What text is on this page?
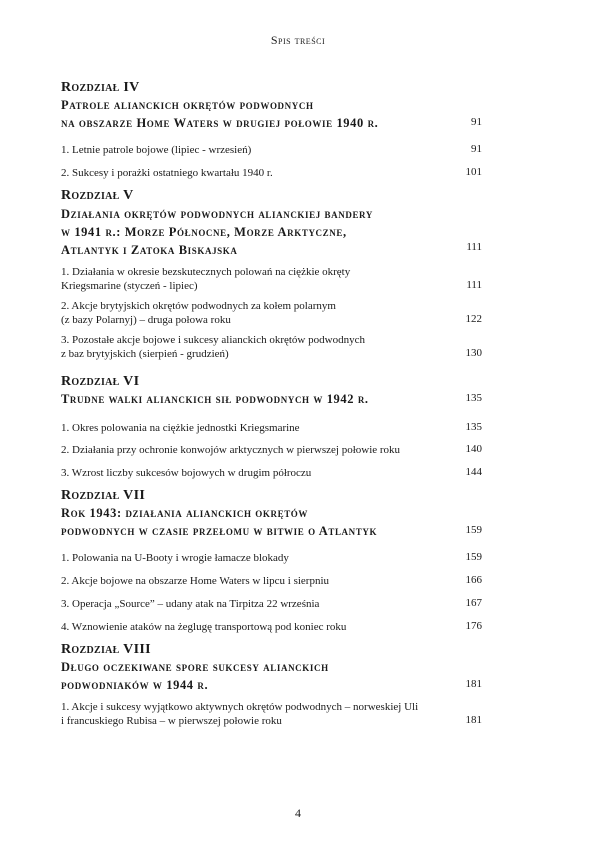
Spis treści
Rozdział IV
Patrole alianckich okrętów podwodnych
na obszarze Home Waters w drugiej połowie 1940 r.	91
1. Letnie patrole bojowe (lipiec - wrzesień)	91
2. Sukcesy i porażki ostatniego kwartału 1940 r.	101
Rozdział V
Działania okrętów podwodnych alianckiej bandery
w 1941 r.: Morze Północne, Morze Arktyczne,
Atlantyk i Zatoka Biskajska	111
1. Działania w okresie bezskutecznych polowań na ciężkie okręty
Kriegsmarine (styczeń - lipiec)	111
2. Akcje brytyjskich okrętów podwodnych za kołem polarnym
(z bazy Polarnyj) – druga połowa roku	122
3. Pozostałe akcje bojowe i sukcesy alianckich okrętów podwodnych
z baz brytyjskich (sierpień - grudzień)	130
Rozdział VI
Trudne walki alianckich sił podwodnych w 1942 r.	135
1. Okres polowania na ciężkie jednostki Kriegsmarine	135
2. Działania przy ochronie konwojów arktycznych w pierwszej połowie roku	140
3. Wzrost liczby sukcesów bojowych w drugim półroczu	144
Rozdział VII
Rok 1943: działania alianckich okrętów
podwodnych w czasie przełomu w bitwie o Atlantyk	159
1. Polowania na U-Booty i wrogie łamacze blokady	159
2. Akcje bojowe na obszarze Home Waters w lipcu i sierpniu	166
3. Operacja „Source” – udany atak na Tirpitza 22 września	167
4. Wznowienie ataków na żeglugę transportową pod koniec roku	176
Rozdział VIII
Długo oczekiwane spore sukcesy alianckich
podwodniaków w 1944 r.	181
1. Akcje i sukcesy wyjątkowo aktywnych okrętów podwodnych – norweskiej Uli
i francuskiego Rubisa – w pierwszej połowie roku	181
4
